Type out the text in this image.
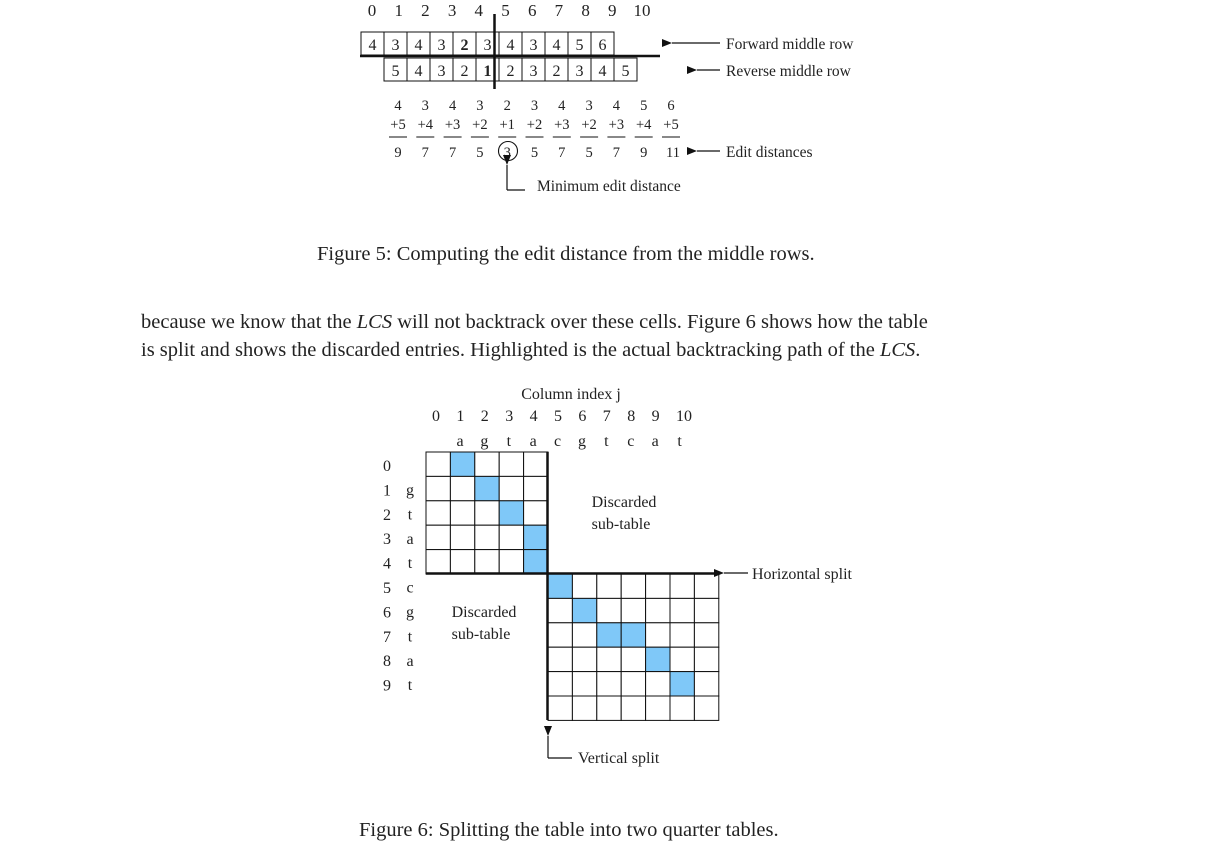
0 1 2 3 4 5 6 7 8 9 10
4 3 4 3 2 3 4 3 4 5 6
5 4 3 2 1 2 3 2 3 4 5
4 3 4 3 2 3 4 3 4 5 6
+5 +4 +3 +2 +1 +2 +3 +2 +3 +4 +5
9 7 7 5 3 5 7 5 7 9 11
Forward middle row
Reverse middle row
Edit distances
Minimum edit distance
Figure 5: Computing the edit distance from the middle rows.

because we know that the LCS will not backtrack over these cells. Figure 6 shows how the table

is split and shows the discarded entries. Highlighted is the actual backtracking path of the LCS.

Column index j
0 1 2 3 4 5 6 7 8 9 10
a g t a c g t c a t
0
1
2
3
4
5
6
7
8
9
g
t
a
t
c
g
t
a
t
Discarded
sub-table
Discarded
sub-table
Horizontal split
Vertical split
Figure 6: Splitting the table into two quarter tables.
